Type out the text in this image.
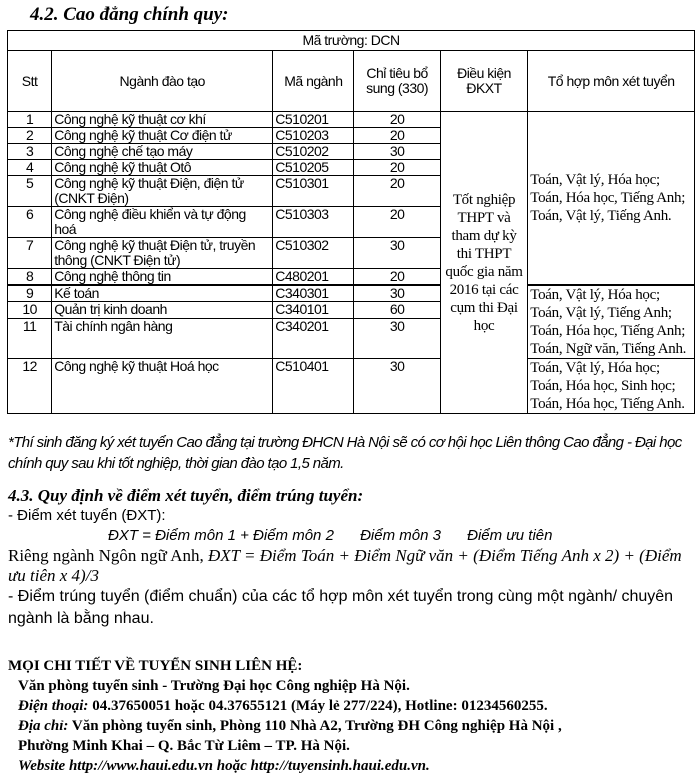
4.2. Cao đẳng chính quy:
Mã trường: DCN					
Stt	Ngành đào tạo	Mã ngành	Chỉ tiêu bổ sung (330)	Điều kiện ĐKXT	Tổ hợp môn xét tuyển
1	Công nghệ kỹ thuật cơ khí	C510201	20	Tốt nghiệp THPT và tham dự kỳ thi THPT quốc gia năm 2016 tại các cụm thi Đại học	Toán, Vật lý, Hóa học; Toán, Hóa học, Tiếng Anh; Toán, Vật lý, Tiếng Anh.

2	Công nghệ kỹ thuật Cơ điện tử	C510203	20		
3	Công nghệ chế tạo máy	C510202	30		
4	Công nghệ kỹ thuật Otô	C510205	20		
5	Công nghệ kỹ thuật Điện, điện tử (CNKT Điện)	C510301	20		
6	Công nghệ điều khiển và tự động hoá	C510303	20		
7	Công nghệ kỹ thuật Điện tử, truyền thông (CNKT Điện tử)	C510302	30		
8	Công nghệ thông tin	C480201	20		
9	Kế toán	C340301	30		Toán, Vật lý, Hóa học; Toán, Vật lý, Tiếng Anh; Toán, Hóa học, Tiếng Anh; Toán, Ngữ văn, Tiếng Anh.

10	Quản trị kinh doanh	C340101	60		
11	Tài chính ngân hàng	C340201	30		
12	Công nghệ kỹ thuật Hoá học	C510401	30		Toán, Vật lý, Hóa học; Toán, Hóa học, Sinh học; Toán, Hóa học, Tiếng Anh.
*Thí sinh đăng ký xét tuyển Cao đẳng tại trường ĐHCN Hà Nội sẽ có cơ hội học Liên thông Cao đẳng - Đại học chính quy sau khi tốt nghiệp, thời gian đào tạo 1,5 năm.
4.3. Quy định về điểm xét tuyển, điểm trúng tuyển:
- Điểm xét tuyển (ĐXT):
ĐXT = Điểm môn 1 + Điểm môn 2 Điểm môn 3 Điểm ưu tiên
Riêng ngành Ngôn ngữ Anh, ĐXT = Điểm Toán + Điểm Ngữ văn + (Điểm Tiếng Anh x 2) + (Điểm ưu tiên x 4)/3
- Điểm trúng tuyển (điểm chuẩn) của các tổ hợp môn xét tuyển trong cùng một ngành/ chuyên ngành là bằng nhau.
MỌI CHI TIẾT VỀ TUYỂN SINH LIÊN HỆ:
Văn phòng tuyển sinh - Trường Đại học Công nghiệp Hà Nội.
Điện thoại: 04.37650051 hoặc 04.37655121 (Máy lẻ 277/224), Hotline: 01234560255.
Địa chỉ: Văn phòng tuyển sinh, Phòng 110 Nhà A2, Trường ĐH Công nghiệp Hà Nội ,
Phường Minh Khai – Q. Bắc Từ Liêm – TP. Hà Nội.
Website http://www.haui.edu.vn hoặc http://tuyensinh.haui.edu.vn.
